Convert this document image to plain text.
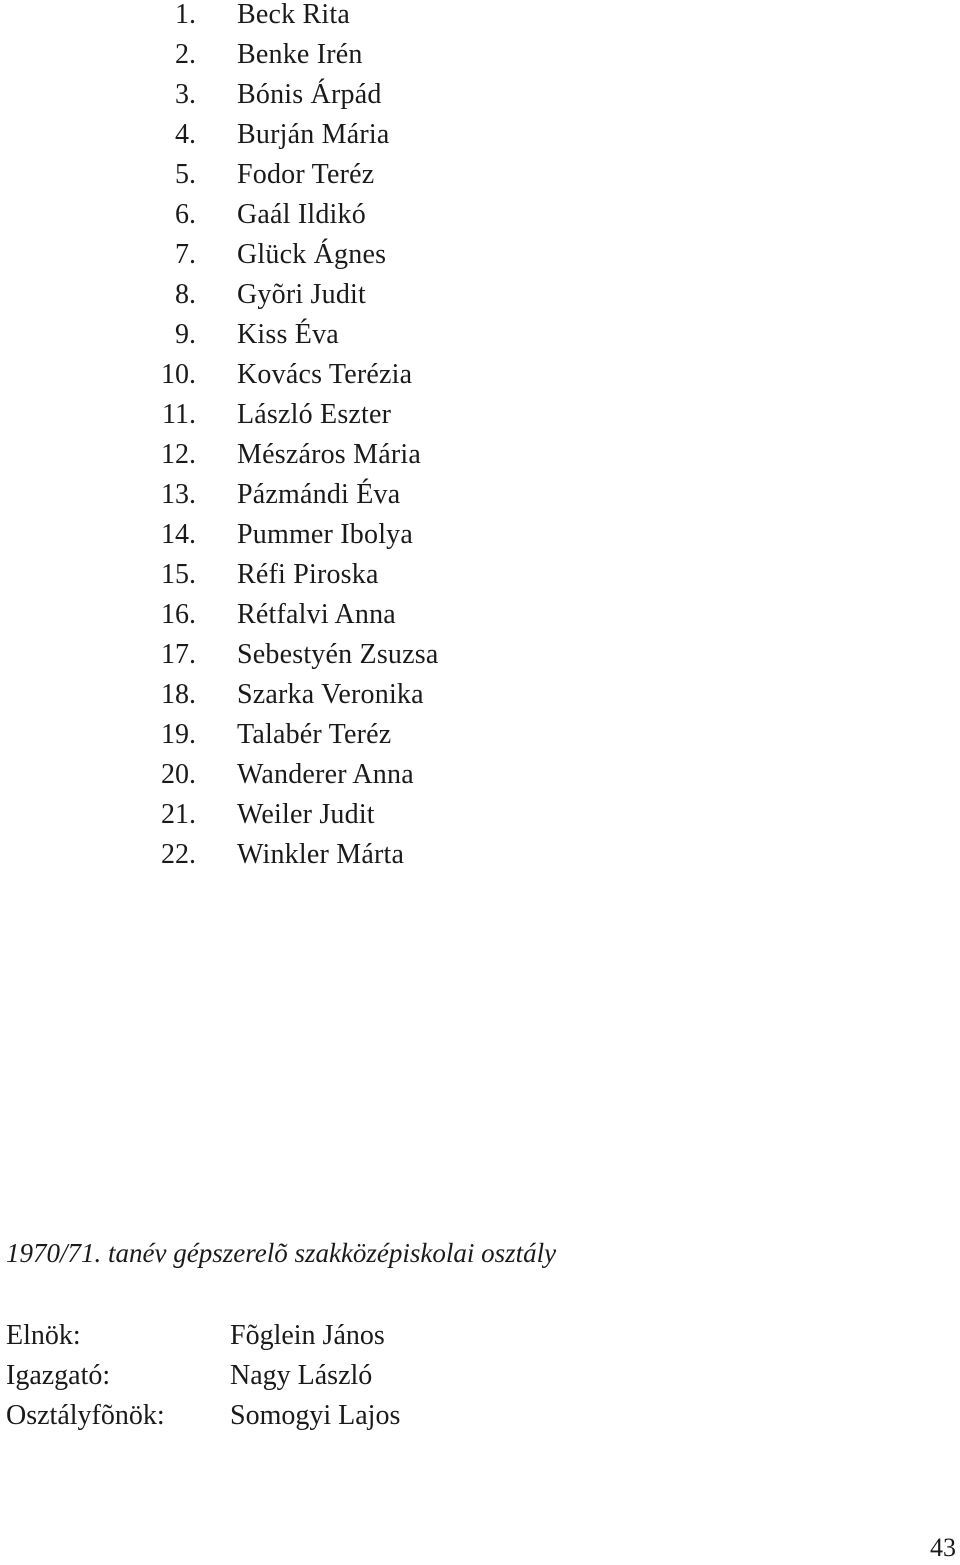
1. Beck Rita
2. Benke Irén
3. Bónis Árpád
4. Burján Mária
5. Fodor Teréz
6. Gaál Ildikó
7. Glück Ágnes
8. Gyõri Judit
9. Kiss Éva
10. Kovács Terézia
11. László Eszter
12. Mészáros Mária
13. Pázmándi Éva
14. Pummer Ibolya
15. Réfi Piroska
16. Rétfalvi Anna
17. Sebestyén Zsuzsa
18. Szarka Veronika
19. Talabér Teréz
20. Wanderer Anna
21. Weiler Judit
22. Winkler Márta
1970/71. tanév gépszerelõ szakközépiskolai osztály
Elnök:	Fõglein János
Igazgató:	Nagy László
Osztályfõnök: Somogyi Lajos
43
